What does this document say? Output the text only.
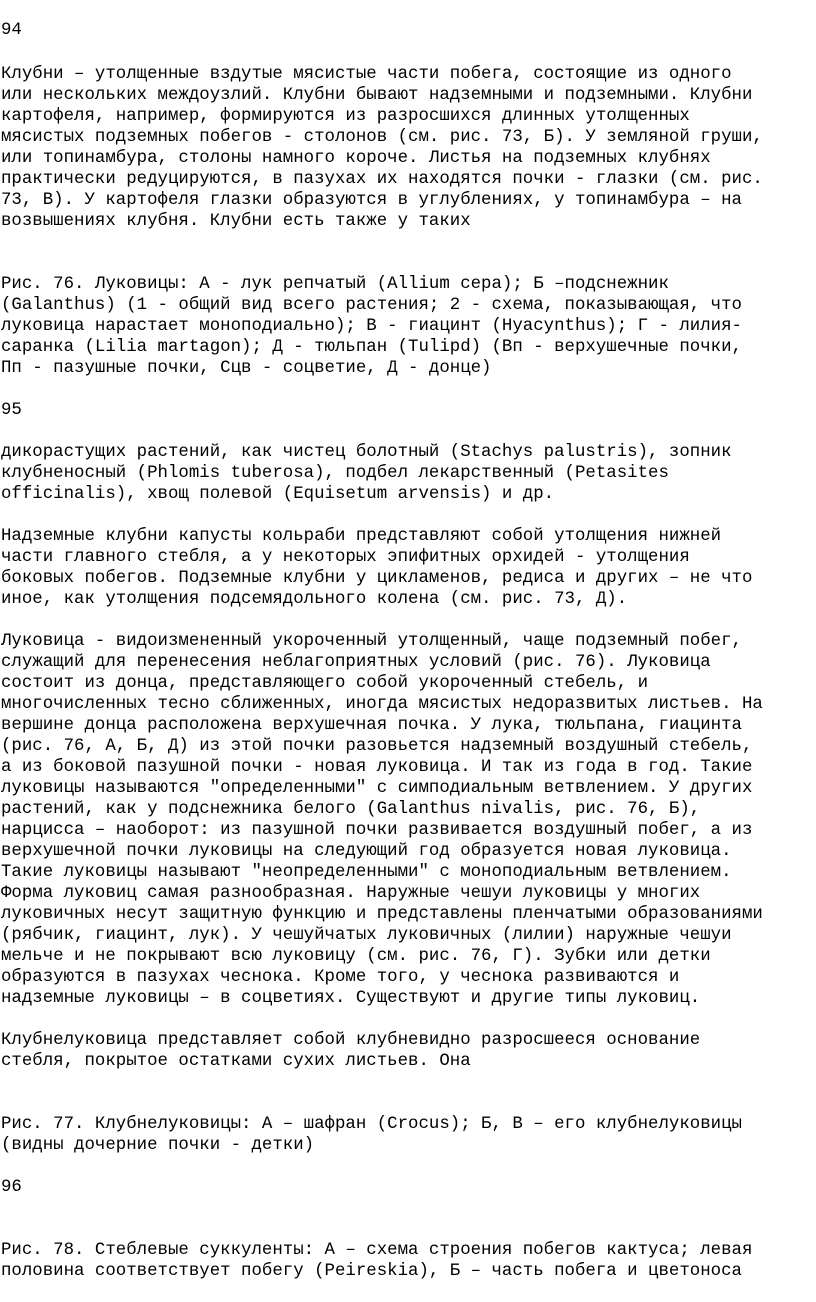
94
Клубни – утолщенные вздутые мясистые части побега, состоящие из одного
или нескольких междоузлий. Клубни бывают надземными и подземными. Клубни
картофеля, например, формируются из разросшихся длинных утолщенных
мясистых подземных побегов - столонов (см. рис. 73, Б). У земляной груши,
или топинамбура, столоны намного короче. Листья на подземных клубнях
практически редуцируются, в пазухах их находятся почки - глазки (см. рис.
73, В). У картофеля глазки образуются в углублениях, у топинамбура – на
возвышениях клубня. Клубни есть также у таких
Рис. 76. Луковицы: А - лук репчатый (Allium cepa); Б –подснежник
(Galanthus) (1 - общий вид всего растения; 2 - схема, показывающая, что
луковица нарастает моноподиально); В - гиацинт (Hyacynthus); Г - лилия-
саранка (Lilia martagon); Д - тюльпан (Tulipd) (Вп - верхушечные почки,
Пп - пазушные почки, Сцв - соцветие, Д - донце)
95
дикорастущих растений, как чистец болотный (Stachys palustris), зопник
клубненосный (Phlomis tuberosa), подбел лекарственный (Petasites
officinalis), хвощ полевой (Equisetum arvensis) и др.
Надземные клубни капусты кольраби представляют собой утолщения нижней
части главного стебля, а у некоторых эпифитных орхидей - утолщения
боковых побегов. Подземные клубни у цикламенов, редиса и других – не что
иное, как утолщения подсемядольного колена (см. рис. 73, Д).
Луковица - видоизмененный укороченный утолщенный, чаще подземный побег,
служащий для перенесения неблагоприятных условий (рис. 76). Луковица
состоит из донца, представляющего собой укороченный стебель, и
многочисленных тесно сближенных, иногда мясистых недоразвитых листьев. На
вершине донца расположена верхушечная почка. У лука, тюльпана, гиацинта
(рис. 76, А, Б, Д) из этой почки разовьется надземный воздушный стебель,
а из боковой пазушной почки - новая луковица. И так из года в год. Такие
луковицы называются "определенными" с симподиальным ветвлением. У других
растений, как у подснежника белого (Galanthus nivalis, рис. 76, Б),
нарцисса – наоборот: из пазушной почки развивается воздушный побег, а из
верхушечной почки луковицы на следующий год образуется новая луковица.
Такие луковицы называют "неопределенными" с моноподиальным ветвлением.
Форма луковиц самая разнообразная. Наружные чешуи луковицы у многих
луковичных несут защитную функцию и представлены пленчатыми образованиями
(рябчик, гиацинт, лук). У чешуйчатых луковичных (лилии) наружные чешуи
мельче и не покрывают всю луковицу (см. рис. 76, Г). Зубки или детки
образуются в пазухах чеснока. Кроме того, у чеснока развиваются и
надземные луковицы – в соцветиях. Существуют и другие типы луковиц.
Клубнелуковица представляет собой клубневидно разросшееся основание
стебля, покрытое остатками сухих листьев. Она
Рис. 77. Клубнелуковицы: А – шафран (Crocus); Б, В – его клубнелуковицы
(видны дочерние почки - детки)
96
Рис. 78. Стеблевые суккуленты: А – схема строения побегов кактуса; левая
половина соответствует побегу (Peireskia), Б – часть побега и цветоноса
